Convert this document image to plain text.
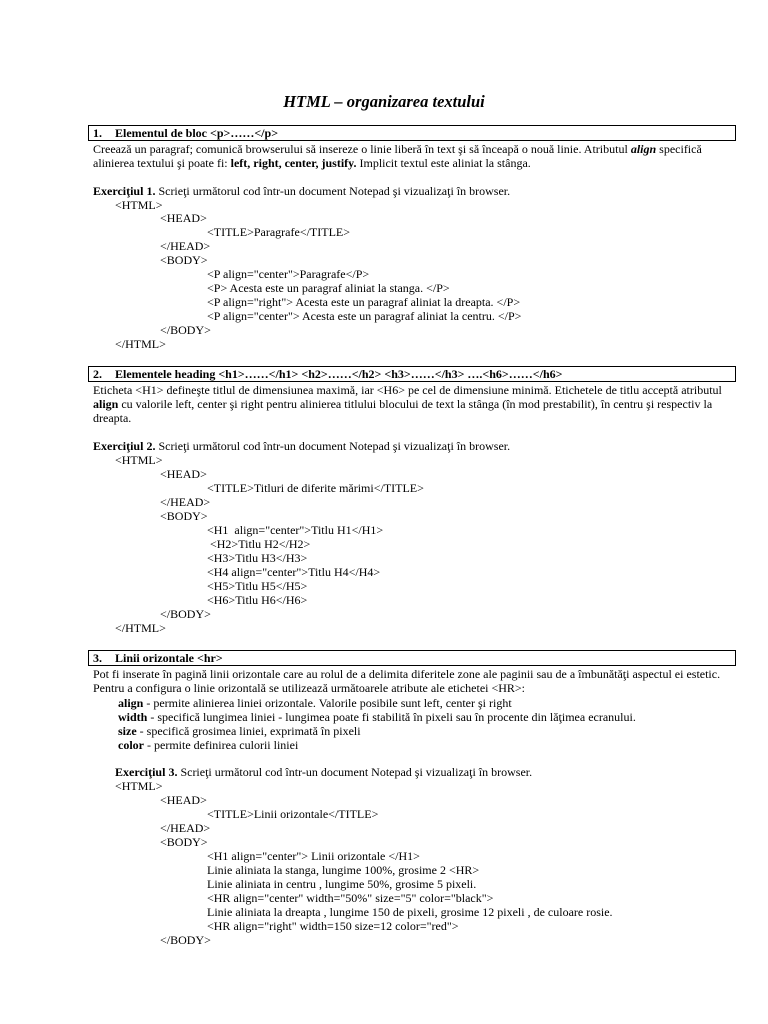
HTML – organizarea textului
1. Elementul de bloc <p>……</p>
Creează un paragraf; comunică browserului să insereze o linie liberă în text şi să înceapă o nouă linie. Atributul align specifică alinierea textului şi poate fi: left, right, center, justify. Implicit textul este aliniat la stânga.
Exerciţiul 1. Scrieţi următorul cod într-un document Notepad şi vizualizaţi în browser.
<HTML>
<HEAD>
<TITLE>Paragrafe</TITLE>
</HEAD>
<BODY>
<P align="center">Paragrafe</P>
<P> Acesta este un paragraf aliniat la stanga. </P>
<P align="right"> Acesta este un paragraf aliniat la dreapta. </P>
<P align="center"> Acesta este un paragraf aliniat la centru. </P>
</BODY>
</HTML>
2. Elementele heading <h1>……</h1> <h2>……</h2> <h3>……</h3> ….<h6>……</h6>
Eticheta <H1> defineşte titlul de dimensiunea maximă, iar <H6> pe cel de dimensiune minimă. Etichetele de titlu acceptă atributul align cu valorile left, center şi right pentru alinierea titlului blocului de text la stânga (în mod prestabilit), în centru şi respectiv la dreapta.
Exerciţiul 2. Scrieţi următorul cod într-un document Notepad şi vizualizaţi în browser.
<HTML>
<HEAD>
<TITLE>Titluri de diferite mărimi</TITLE>
</HEAD>
<BODY>
<H1  align="center">Titlu H1</H1>
<H2>Titlu H2</H2>
<H3>Titlu H3</H3>
<H4 align="center">Titlu H4</H4>
<H5>Titlu H5</H5>
<H6>Titlu H6</H6>
</BODY>
</HTML>
3. Linii orizontale <hr>
Pot fi inserate în pagină linii orizontale care au rolul de a delimita diferitele zone ale paginii sau de a îmbunătăţi aspectul ei estetic. Pentru a configura o linie orizontală se utilizează următoarele atribute ale etichetei <HR>:
align - permite alinierea liniei orizontale. Valorile posibile sunt left, center şi right
width - specifică lungimea liniei - lungimea poate fi stabilită în pixeli sau în procente din lăţimea ecranului.
size - specifică grosimea liniei, exprimată în pixeli
color - permite definirea culorii liniei
Exerciţiul 3. Scrieţi următorul cod într-un document Notepad şi vizualizaţi în browser.
<HTML>
<HEAD>
<TITLE>Linii orizontale</TITLE>
</HEAD>
<BODY>
<H1 align="center"> Linii orizontale </H1>
Linie aliniata la stanga, lungime 100%, grosime 2 <HR>
Linie aliniata in centru , lungime 50%, grosime 5 pixeli.
<HR align="center" width="50%" size="5" color="black">
Linie aliniata la dreapta , lungime 150 de pixeli, grosime 12 pixeli , de culoare rosie.
<HR align="right" width=150 size=12 color="red">
</BODY>
